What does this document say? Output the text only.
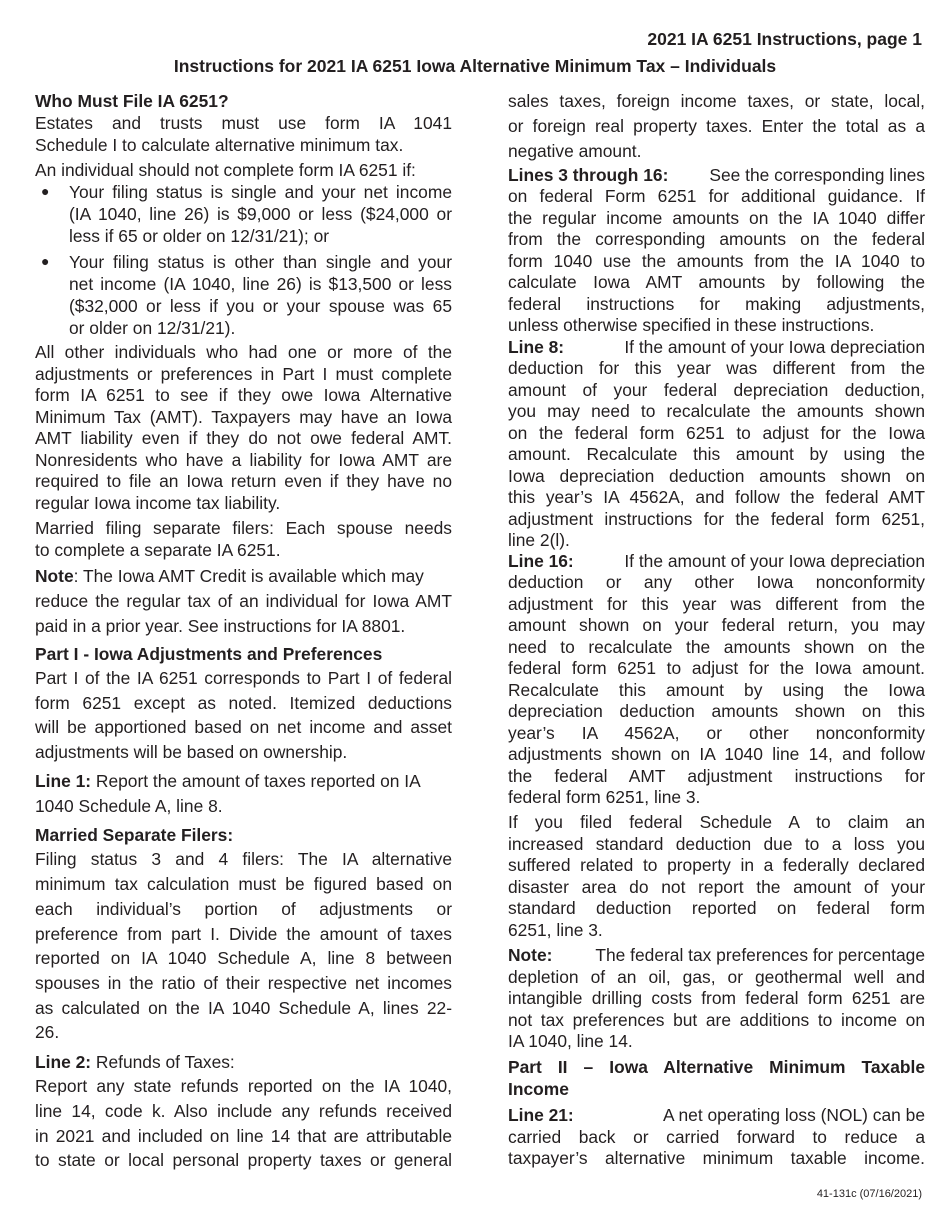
2021 IA 6251 Instructions, page 1
Instructions for 2021 IA 6251 Iowa Alternative Minimum Tax – Individuals
Who Must File IA 6251?
Estates and trusts must use form IA 1041
Schedule I to calculate alternative minimum tax.
An individual should not complete form IA 6251 if:
● Your filing status is single and your net income
(IA 1040, line 26) is $9,000 or less ($24,000 or
less if 65 or older on 12/31/21); or
● Your filing status is other than single and your
net income (IA 1040, line 26) is $13,500 or less
($32,000 or less if you or your spouse was 65
or older on 12/31/21).
All other individuals who had one or more of the
adjustments or preferences in Part I must complete
form IA 6251 to see if they owe Iowa Alternative
Minimum Tax (AMT). Taxpayers may have an Iowa
AMT liability even if they do not owe federal AMT.
Nonresidents who have a liability for Iowa AMT are
required to file an Iowa return even if they have no
regular Iowa income tax liability.
Married filing separate filers: Each spouse needs
to complete a separate IA 6251.
Note : The Iowa AMT Credit is available which may
reduce the regular tax of an individual for Iowa AMT
paid in a prior year. See instructions for IA 8801.
Part I - Iowa Adjustments and Preferences
Part I of the IA 6251 corresponds to Part I of federal
form 6251 except as noted. Itemized deductions
will be apportioned based on net income and asset
adjustments will be based on ownership.
Line 1: Report the amount of taxes reported on IA
1040 Schedule A, line 8.
Married Separate Filers:
Filing status 3 and 4 filers: The IA alternative
minimum tax calculation must be figured based on
each individual’s portion of adjustments or
preference from part I. Divide the amount of taxes
reported on IA 1040 Schedule A, line 8 between
spouses in the ratio of their respective net incomes
as calculated on the IA 1040 Schedule A, lines 22-
26.
Line 2: Refunds of Taxes:
Report any state refunds reported on the IA 1040,
line 14, code k. Also include any refunds received
in 2021 and included on line 14 that are attributable
to state or local personal property taxes or general
sales taxes, foreign income taxes, or state, local,
or foreign real property taxes. Enter the total as a
negative amount.
Lines 3 through 16:	See the corresponding lines
on federal Form 6251 for additional guidance. If
the regular income amounts on the IA 1040 differ
from the corresponding amounts on the federal
form 1040 use the amounts from the IA 1040 to
calculate Iowa AMT amounts by following the
federal instructions for making adjustments,
unless otherwise specified in these instructions.
Line 8:	If the amount of your Iowa depreciation
deduction for this year was different from the
amount of your federal depreciation deduction,
you may need to recalculate the amounts shown
on the federal form 6251 to adjust for the Iowa
amount. Recalculate this amount by using the
Iowa depreciation deduction amounts shown on
this year’s IA 4562A, and follow the federal AMT
adjustment instructions for the federal form 6251,
line 2(l).
Line 16:	If the amount of your Iowa depreciation
deduction or any other Iowa nonconformity
adjustment for this year was different from the
amount shown on your federal return, you may
need to recalculate the amounts shown on the
federal form 6251 to adjust for the Iowa amount.
Recalculate this amount by using the Iowa
depreciation deduction amounts shown on this
year’s IA 4562A, or other nonconformity
adjustments shown on IA 1040 line 14, and follow
the federal AMT adjustment instructions for
federal form 6251, line 3.
If you filed federal Schedule A to claim an
increased standard deduction due to a loss you
suffered related to property in a federally declared
disaster area do not report the amount of your
standard deduction reported on federal form
6251, line 3.
Note:	The federal tax preferences for percentage
depletion of an oil, gas, or geothermal well and
intangible drilling costs from federal form 6251 are
not tax preferences but are additions to income on
IA 1040, line 14.
Part II – Iowa Alternative Minimum Taxable
Income
Line 21:	A net operating loss (NOL) can be
carried back or carried forward to reduce a
taxpayer’s alternative minimum taxable income.
41-131c (07/16/2021)
